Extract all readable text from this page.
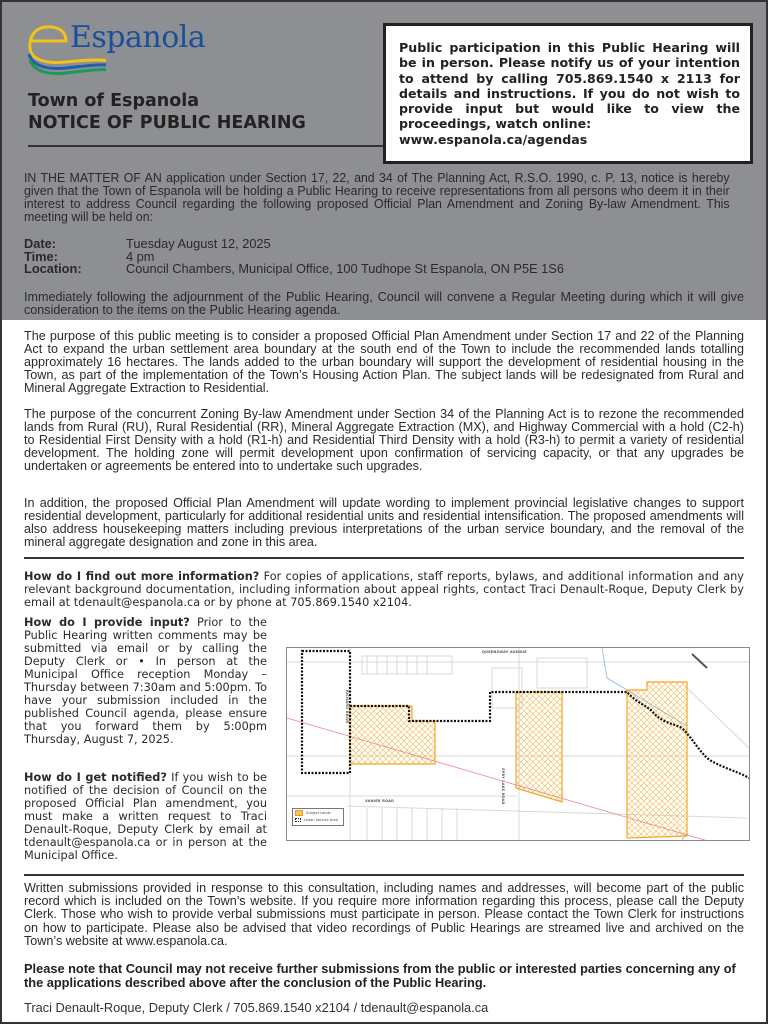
Espanola
Town of Espanola
NOTICE OF PUBLIC HEARING
Public participation in this Public Hearing will be in person. Please notify us of your intention to attend by calling 705.869.1540 x 2113 for details and instructions. If you do not wish to provide input but would like to view the proceedings, watch online:
www.espanola.ca/agendas
IN THE MATTER OF AN application under Section 17, 22, and 34 of The Planning Act, R.S.O. 1990, c. P. 13, notice is hereby given that the Town of Espanola will be holding a Public Hearing to receive representations from all persons who deem it in their interest to address Council regarding the following proposed Official Plan Amendment and Zoning By-law Amendment. This meeting will be held on:
Date:	Tuesday August 12, 2025
Time:	4 pm
Location:	Council Chambers, Municipal Office, 100 Tudhope St Espanola, ON P5E 1S6
Immediately following the adjournment of the Public Hearing, Council will convene a Regular Meeting during which it will give consideration to the items on the Public Hearing agenda.
The purpose of this public meeting is to consider a proposed Official Plan Amendment under Section 17 and 22 of the Planning Act to expand the urban settlement area boundary at the south end of the Town to include the recommended lands totalling approximately 16 hectares. The lands added to the urban boundary will support the development of residential housing in the Town, as part of the implementation of the Town’s Housing Action Plan. The subject lands will be redesignated from Rural and Mineral Aggregate Extraction to Residential.
The purpose of the concurrent Zoning By-law Amendment under Section 34 of the Planning Act is to rezone the recommended lands from Rural (RU), Rural Residential (RR), Mineral Aggregate Extraction (MX), and Highway Commercial with a hold (C2-h) to Residential First Density with a hold (R1-h) and Residential Third Density with a hold (R3-h) to permit a variety of residential development. The holding zone will permit development upon confirmation of servicing capacity, or that any upgrades be undertaken or agreements be entered into to undertake such upgrades.
In addition, the proposed Official Plan Amendment will update wording to implement provincial legislative changes to support residential development, particularly for additional residential units and residential intensification. The proposed amendments will also address housekeeping matters including previous interpretations of the urban service boundary, and the removal of the mineral aggregate designation and zone in this area.
How do I find out more information? For copies of applications, staff reports, bylaws, and additional information and any relevant background documentation, including information about appeal rights, contact Traci Denault-Roque, Deputy Clerk by email at tdenault@espanola.ca or by phone at 705.869.1540 x2104.
How do I provide input? Prior to the Public Hearing written comments may be submitted via email or by calling the Deputy Clerk or • In person at the Municipal Office reception Monday – Thursday between 7:30am and 5:00pm. To have your submission included in the published Council agenda, please ensure that you forward them by 5:00pm Thursday, August 7, 2025.
How do I get notified? If you wish to be notified of the decision of Council on the proposed Official Plan amendment, you must make a written request to Traci Denault-Roque, Deputy Clerk by email at tdenault@espanola.ca or in person at the Municipal Office.
QUEENSWAY AVENUE
VANIER ROAD	SPRY LAKE ROAD
RICHARD DRIVE
Subject Lands
Urban Service Area
Written submissions provided in response to this consultation, including names and addresses, will become part of the public record which is included on the Town’s website. If you require more information regarding this process, please call the Deputy Clerk. Those who wish to provide verbal submissions must participate in person. Please contact the Town Clerk for instructions on how to participate. Please also be advised that video recordings of Public Hearings are streamed live and archived on the Town’s website at www.espanola.ca.
Please note that Council may not receive further submissions from the public or interested parties concerning any of the applications described above after the conclusion of the Public Hearing.
Traci Denault-Roque, Deputy Clerk / 705.869.1540 x2104 / tdenault@espanola.ca
